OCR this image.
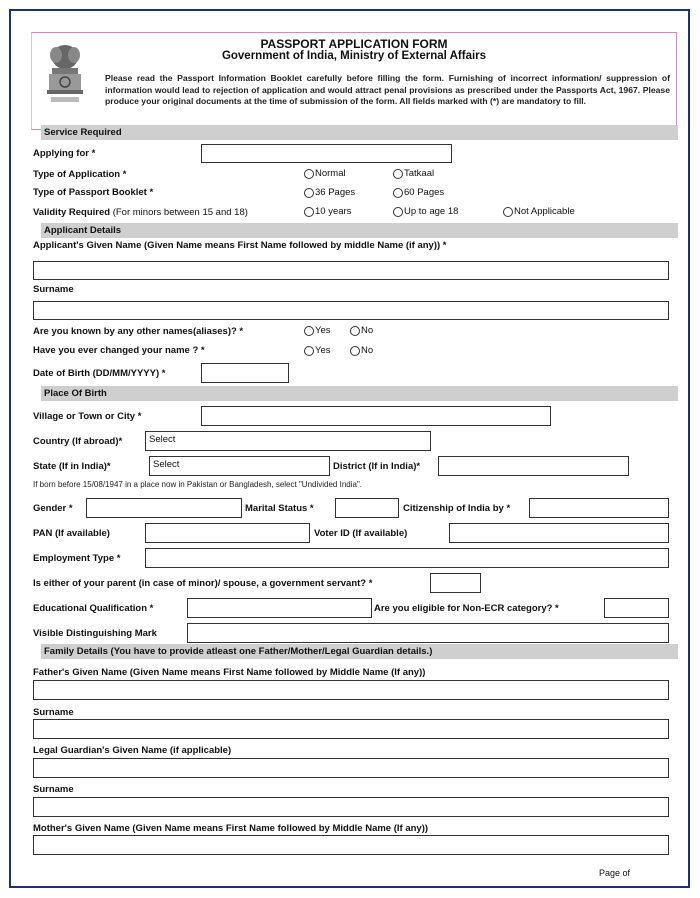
PASSPORT APPLICATION FORM
Government of India, Ministry of External Affairs
Please read the Passport Information Booklet carefully before filling the form. Furnishing of incorrect information/ suppression of information would lead to rejection of application and would attract penal provisions as prescribed under the Passports Act, 1967. Please produce your original documents at the time of submission of the form. All fields marked with (*) are mandatory to fill.
Service Required
Applying for *
Type of Application *	Normal	Tatkaal
Type of Passport Booklet *	36 Pages	60 Pages
Validity Required (For minors between 15 and 18)	10 years	Up to age 18	Not Applicable
Applicant Details
Applicant's Given Name (Given Name means First Name followed by middle Name (if any)) *
Surname
Are you known by any other names(aliases)? *	Yes	No
Have you ever changed your name ? *	Yes	No
Date of Birth (DD/MM/YYYY) *
Place Of Birth
Village or Town or City *
Country (If abroad)*	Select
State (If in India)*	Select	District (If in India)*
If born before 15/08/1947 in a place now in Pakistan or Bangladesh, select "Undivided India".
Gender *	Marital Status *	Citizenship of India by *
PAN (If available)	Voter ID (If available)
Employment Type *
Is either of your parent (in case of minor)/ spouse, a government servant? *
Educational Qualification *	Are you eligible for Non-ECR category? *
Visible Distinguishing Mark
Family Details (You have to provide atleast one Father/Mother/Legal Guardian details.)
Father's Given Name (Given Name means First Name followed by Middle Name (If any))
Surname
Legal Guardian's Given Name (if applicable)
Surname
Mother's Given Name (Given Name means First Name followed by Middle Name (If any))
Page of
